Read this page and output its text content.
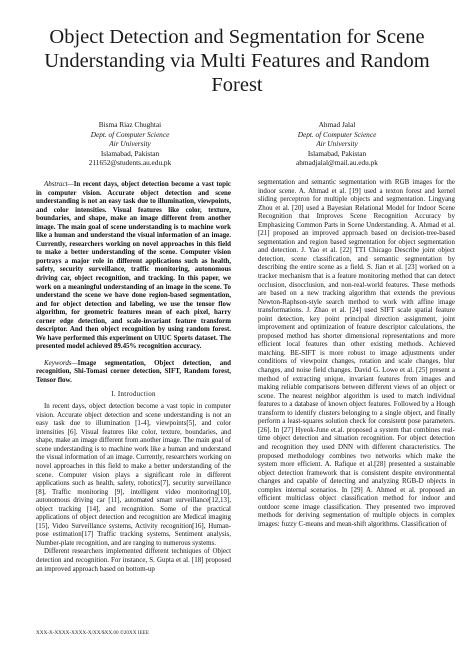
Object Detection and Segmentation for Scene Understanding via Multi Features and Random Forest
Bisma Riaz Chughtai
Dept. of Computer Science
Air University
Islamabad, Pakistan
211652@students.au.edu.pk
Ahmad Jalal
Dept. of Computer Science
Air University
Islamabad, Pakistan
ahmadjalal@mail.au.edu.pk

Abstract—In recent days, object detection become a vast topic in computer vision. Accurate object detection and scene understanding is not an easy task due to illumination, viewpoints, and color intensities. Visual features like color, texture, boundaries, and shape, make an image different from another image. The main goal of scene understanding is to machine work like a human and understand the visual information of an image. Currently, researchers working on novel approaches in this field to make a better understanding of the scene. Computer vision portrays a major role in different applications such as health, safety, security surveillance, traffic monitoring, autonomous driving car, object recognition, and tracking. In this paper, we work on a meaningful understanding of an image in the scene. To understand the scene we have done region-based segmentation, and for object detection and labeling, we use the tensor flow algorithm, for geometric features mean of each pixel, harry corner edge detection, and scale-invariant feature transform descriptor. And then object recognition by using random forest. We have performed this experiment on UIUC Sports dataset. The presented model achieved 89.45% recognition accuracy.

Keywords—Image segmentation, Object detection, and recognition, Shi-Tomasi corner detection, SIFT, Random forest, Tensor flow.

I. Introduction

In recent days, object detection become a vast topic in computer vision. Accurate object detection and scene understanding is not an easy task due to illumination [1-4], viewpoints[5], and color intensities [6]. Visual features like color, texture, boundaries, and shape, make an image different from another image. The main goal of scene understanding is to machine work like a human and understand the visual information of an image. Currently, researchers working on novel approaches in this field to make a better understanding of the scene. Computer vision plays a significant role in different applications such as health, safety, robotics[7], security surveillance [8], Traffic monitoring [9], intelligent video monitoring[10], autonomous driving car [11], automated smart surveillance[12,13], object tracking [14], and recognition. Some of the practical applications of object detection and recognition are Medical imaging [15], Video Surveillance systems, Activity recognition[16], Human-pose estimation[17] Traffic tracking systems, Sentiment analysis, Number-plate recognition, and are ranging to numerous systems.

Different researchers implemented different techniques of Object detection and recognition. For instance, S. Gupta et al. [18] proposed an improved approach based on bottom-up

segmentation and semantic segmentation with RGB images for the indoor scene. A. Ahmad et al. [19] used a texton forest and kernel sliding perceptron for multiple objects and segmentation. Lingyang Zhou et al. [20] used a Bayesian Relational Model for Indoor Scene Recognition that Improves Scene Recognition Accuracy by Emphasizing Common Parts in Scene Understanding. A. Ahmad et al. [21] proposed an improved approach based on decision-tree-based segmentation and region based segmentation for object segmentation and detection. J. Yao et al. [22] TTI Chicago Describe joint object detection, scene classification, and semantic segmentation by describing the entire scene as a field. S. Jian et al. [23] worked on a tracker mechanism that is a feature monitoring method that can detect occlusion, disocclusion, and non-real-world features. These methods are based on a new tracking algorithm that extends the previous Newton-Raphson-style search method to work with affine image transformations. J. Zhao et al. [24] used SIFT scale spatial feature point detection, key point principal direction assignment, joint improvement and optimization of feature descriptor calculations, the proposed method has shorter dimensional representations and more efficient local features than other existing methods. Achieved matching. BE-SIFT is more robust to image adjustments under conditions of viewpoint changes, rotation and scale changes, blur changes, and noise field changes. David G. Lowe et al. [25] present a method of extracting unique, invariant features from images and making reliable comparisons between different views of an object or scene. The nearest neighbor algorithm is used to match individual features to a database of known object features. Followed by a Hough transform to identify clusters belonging to a single object, and finally perform a least-squares solution check for consistent pose parameters. [26]. In [27] Hyeok-June et.al. proposed a system that combines real-time object detection and situation recognition. For object detection and recognition they used DNN with different characteristics. The proposed methodology combines two networks which make the system more efficient. A. Rafique et al.[28] presented a sustainable object detection framework that is consistent despite environmental changes and capable of detecting and analyzing RGB-D objects in complex internal scenarios. In [29] A. Ahmed et al. proposed an efficient multiclass object classification method for indoor and outdoor scene image classification. They presented two improved methods for deriving segmentation of multiple objects in complex images: fuzzy C-means and mean-shift algorithms. Classification of

XXX-X-XXXX-XXXX-X/XX/$XX.00 ©20XX IEEE
